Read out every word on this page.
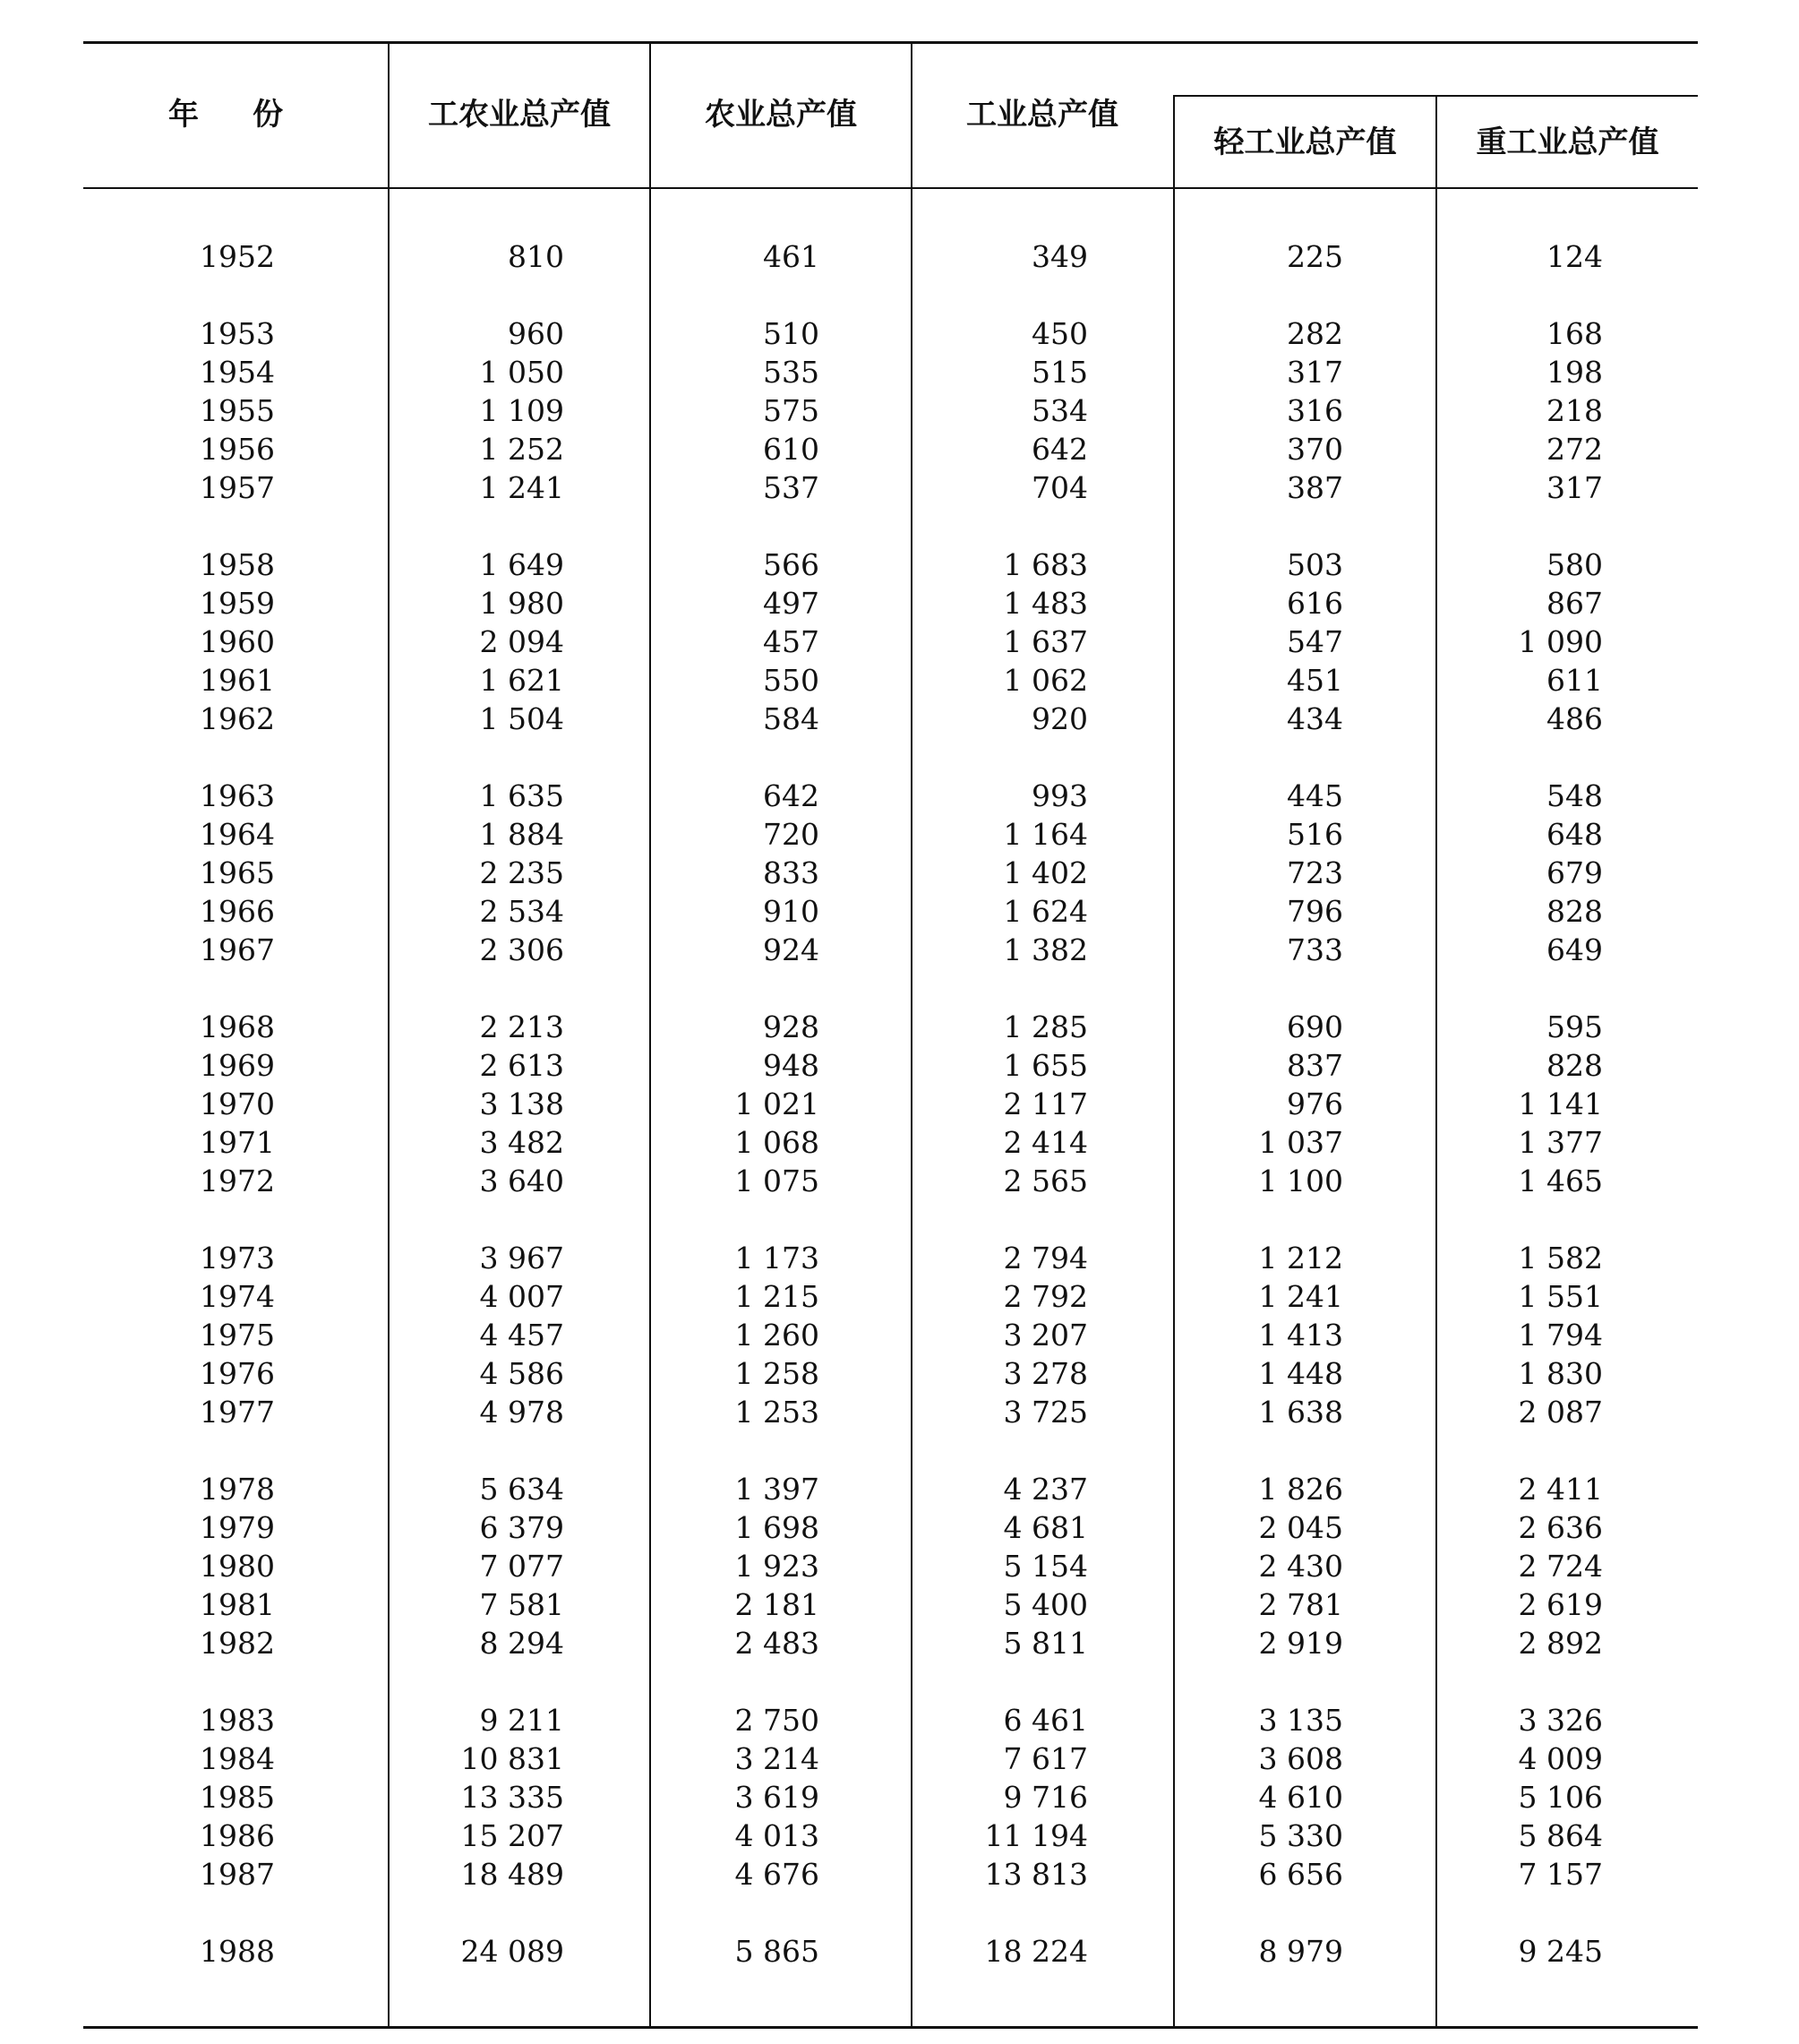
年份	工农业总产值	农业总产值	工业总产值
轻工业总产值	重工业总产值
1952	810	461	349	225	124
1953	960	510	450	282	168
1954	1 050	535	515	317	198
1955	1 109	575	534	316	218
1956	1 252	610	642	370	272
1957	1 241	537	704	387	317
1958	1 649	566	1 683	503	580
1959	1 980	497	1 483	616	867
1960	2 094	457	1 637	547	1 090
1961	1 621	550	1 062	451	611
1962	1 504	584	920	434	486
1963	1 635	642	993	445	548
1964	1 884	720	1 164	516	648
1965	2 235	833	1 402	723	679
1966	2 534	910	1 624	796	828
1967	2 306	924	1 382	733	649
1968	2 213	928	1 285	690	595
1969	2 613	948	1 655	837	828
1970	3 138	1 021	2 117	976	1 141
1971	3 482	1 068	2 414	1 037	1 377
1972	3 640	1 075	2 565	1 100	1 465
1973	3 967	1 173	2 794	1 212	1 582
1974	4 007	1 215	2 792	1 241	1 551
1975	4 457	1 260	3 207	1 413	1 794
1976	4 586	1 258	3 278	1 448	1 830
1977	4 978	1 253	3 725	1 638	2 087
1978	5 634	1 397	4 237	1 826	2 411
1979	6 379	1 698	4 681	2 045	2 636
1980	7 077	1 923	5 154	2 430	2 724
1981	7 581	2 181	5 400	2 781	2 619
1982	8 294	2 483	5 811	2 919	2 892
1983	9 211	2 750	6 461	3 135	3 326
1984	10 831	3 214	7 617	3 608	4 009
1985	13 335	3 619	9 716	4 610	5 106
1986	15 207	4 013	11 194	5 330	5 864
1987	18 489	4 676	13 813	6 656	7 157
1988	24 089	5 865	18 224	8 979	9 245
